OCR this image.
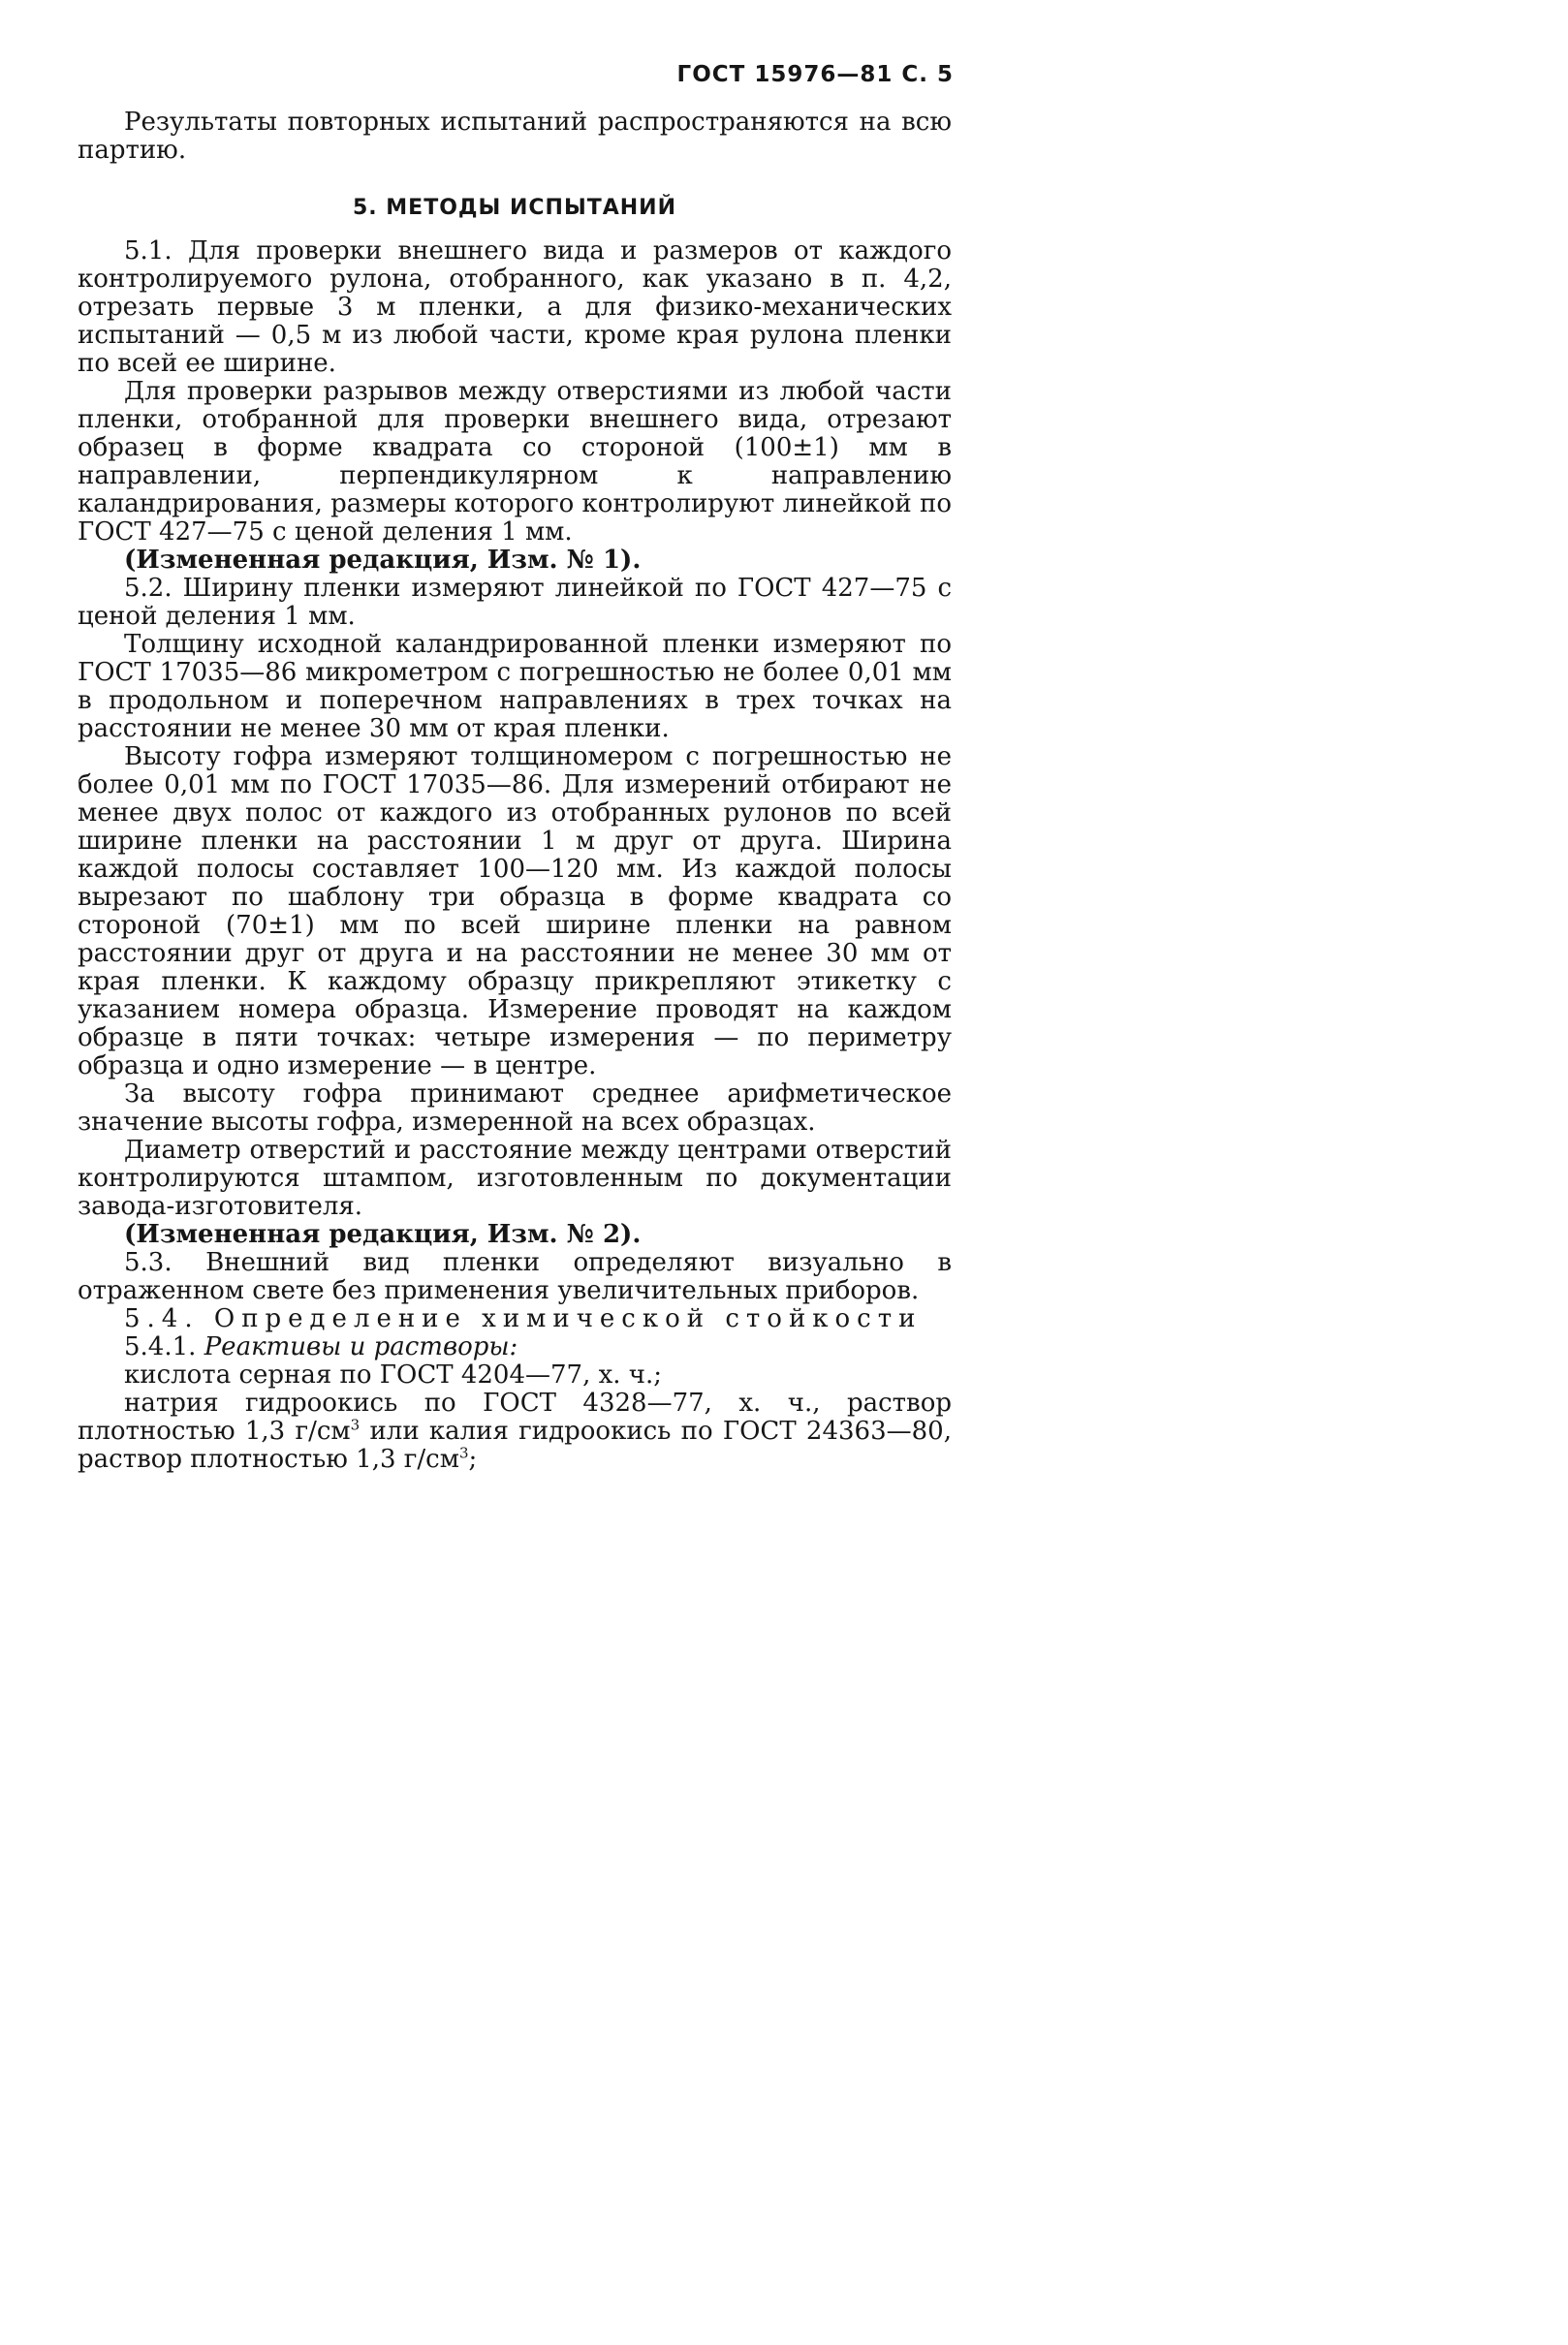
ГОСТ 15976—81 С. 5

Результаты повторных испытаний распространяются на всю партию.

5. МЕТОДЫ ИСПЫТАНИЙ

5.1. Для проверки внешнего вида и размеров от каждого контролируемого рулона, отобранного, как указано в п. 4,2, отрезать первые 3 м пленки, а для физико-механических испытаний — 0,5 м из любой части, кроме края рулона пленки по всей ее ширине.

Для проверки разрывов между отверстиями из любой части пленки, отобранной для проверки внешнего вида, отрезают образец в форме квадрата со стороной (100±1) мм в направлении, перпендикулярном к направлению каландрирования, размеры которого контролируют линейкой по ГОСТ 427—75 с ценой деления 1 мм.

(Измененная редакция, Изм. № 1).

5.2. Ширину пленки измеряют линейкой по ГОСТ 427—75 с ценой деления 1 мм.

Толщину исходной каландрированной пленки измеряют по ГОСТ 17035—86 микрометром с погрешностью не более 0,01 мм в продольном и поперечном направлениях в трех точках на расстоянии не менее 30 мм от края пленки.

Высоту гофра измеряют толщиномером с погрешностью не более 0,01 мм по ГОСТ 17035—86. Для измерений отбирают не менее двух полос от каждого из отобранных рулонов по всей ширине пленки на расстоянии 1 м друг от друга. Ширина каждой полосы составляет 100—120 мм. Из каждой полосы вырезают по шаблону три образца в форме квадрата со стороной (70±1) мм по всей ширине пленки на равном расстоянии друг от друга и на расстоянии не менее 30 мм от края пленки. К каждому образцу прикрепляют этикетку с указанием номера образца. Измерение проводят на каждом образце в пяти точках: четыре измерения — по периметру образца и одно измерение — в центре.

За высоту гофра принимают среднее арифметическое значение высоты гофра, измеренной на всех образцах.

Диаметр отверстий и расстояние между центрами отверстий контролируются штампом, изготовленным по документации завода-изготовителя.

(Измененная редакция, Изм. № 2).

5.3. Внешний вид пленки определяют визуально в отраженном свете без применения увеличительных приборов.

5.4. Определение химической стойкости

5.4.1. Реактивы и растворы:

кислота серная по ГОСТ 4204—77, х. ч.;

натрия гидроокись по ГОСТ 4328—77, х. ч., раствор плотностью 1,3 $г/см^3$ или калия гидроокись по ГОСТ 24363—80, раствор плотностью 1,3 $г/см^3$;
